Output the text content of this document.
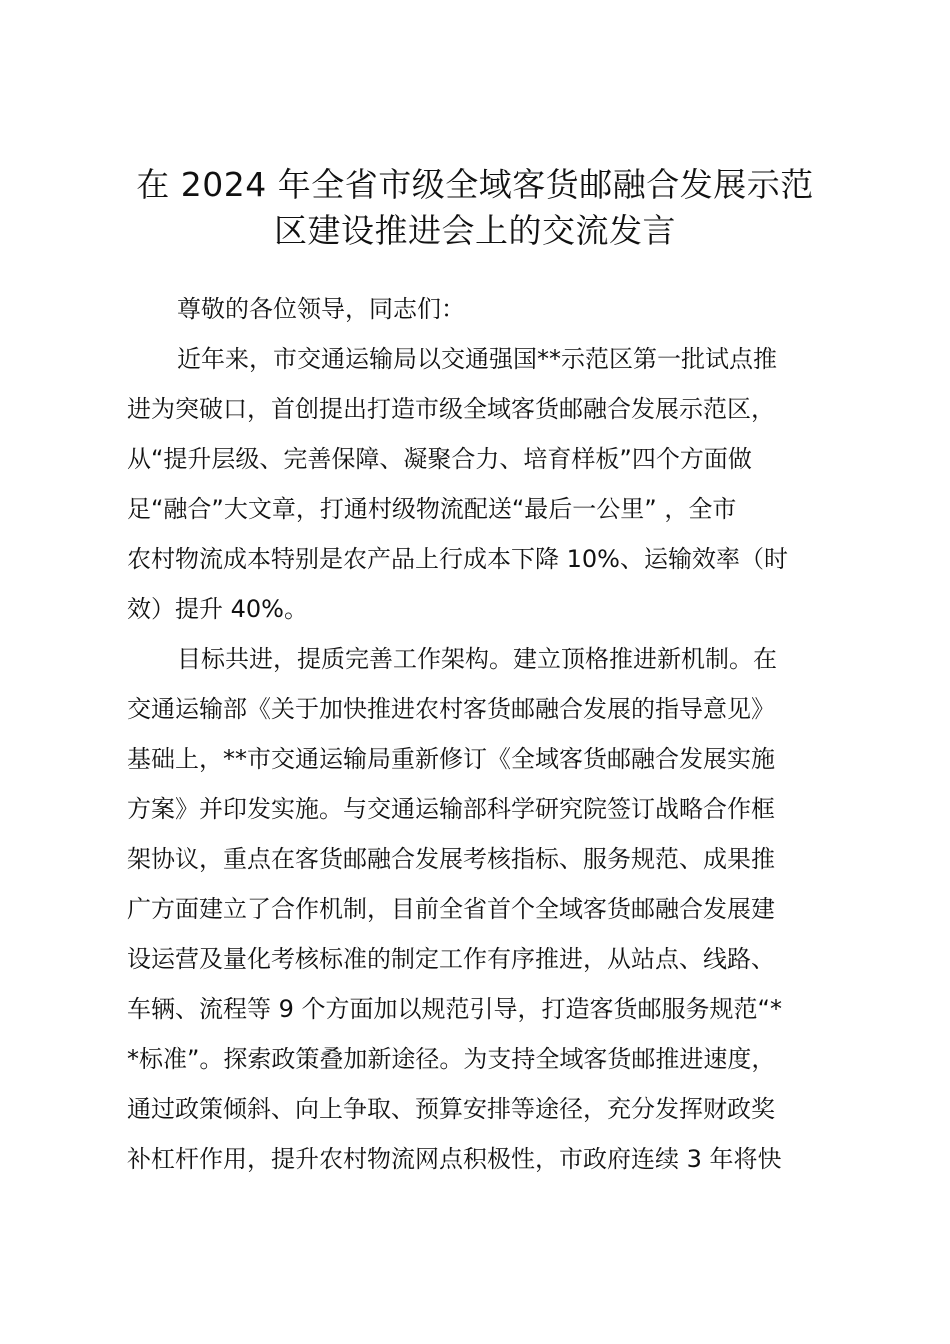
在 2024 年全省市级全域客货邮融合发展示范
区建设推进会上的交流发言
尊敬的各位领导，同志们：
近年来，市交通运输局以交通强国**示范区第一批试点推
进为突破口，首创提出打造市级全域客货邮融合发展示范区，
从“提升层级、完善保障、凝聚合力、培育样板”四个方面做
足“融合”大文章，打通村级物流配送“最后一公里” ，全市
农村物流成本特别是农产品上行成本下降 10%、运输效率（时
效）提升 40%。
目标共进，提质完善工作架构。建立顶格推进新机制。在
交通运输部《关于加快推进农村客货邮融合发展的指导意见》
基础上，**市交通运输局重新修订《全域客货邮融合发展实施
方案》并印发实施。与交通运输部科学研究院签订战略合作框
架协议，重点在客货邮融合发展考核指标、服务规范、成果推
广方面建立了合作机制，目前全省首个全域客货邮融合发展建
设运营及量化考核标准的制定工作有序推进，从站点、线路、
车辆、流程等 9 个方面加以规范引导，打造客货邮服务规范“*
*标准”。探索政策叠加新途径。为支持全域客货邮推进速度，
通过政策倾斜、向上争取、预算安排等途径，充分发挥财政奖
补杠杆作用，提升农村物流网点积极性，市政府连续 3 年将快
